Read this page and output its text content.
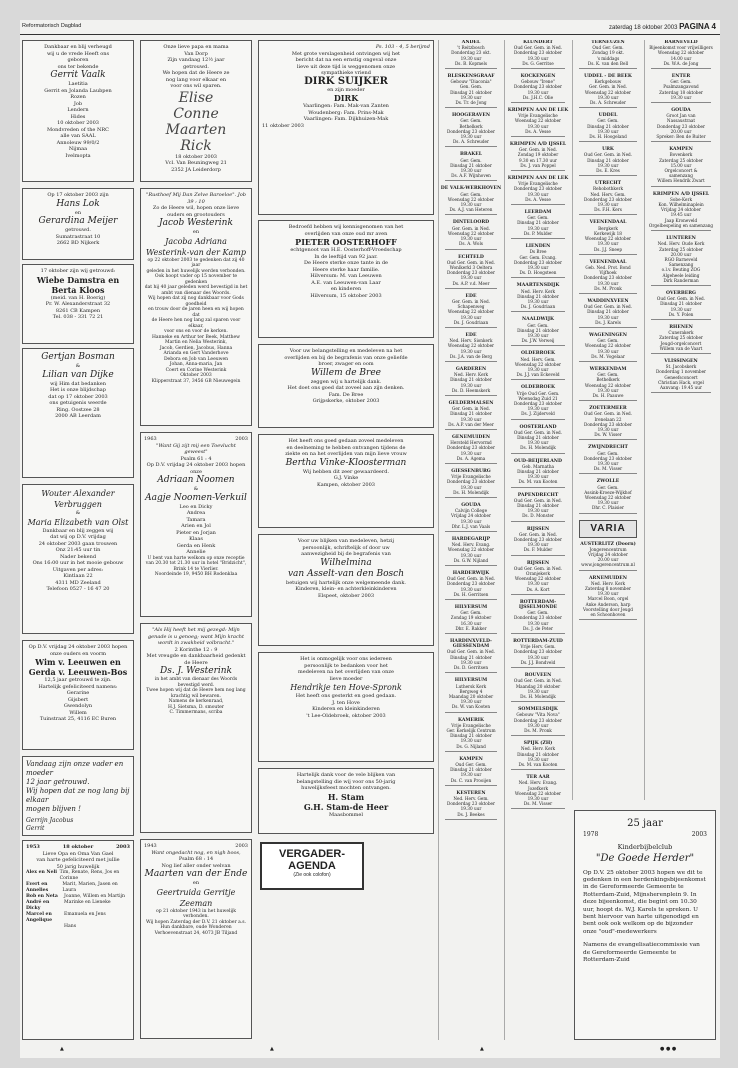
Reformatorisch Dagblad	zaterdag 18 oktober 2003 PAGINA 4
Dankbaar en blij verheugd
wij u de vrede Heeft ons
geboren
ons ter bekende
Gerrit Vaalk
Laetitia
Gerrit en Jolanda Laubpen
Rozen
Job
Lendern
Hides
10 oktober 2003
Mondvreden of the NRC
alle van SAAL
Annoleuw 99/0/2
Nijmaa
Ivelmopta
Op 17 oktober 2003 zijn
Hans Lok
en
Gerardina Meijer
getrouwd.
Sumatrastraat 10
2662 BD Nijkerk
17 oktober zijn wij getrouwd:
Wiebe Damstra en
Berta Kloos
(meid. van H. Boerig)
Pr. W. Alexanderstraat 32
8261 CB Kampen
Tel. 038 - 331 72 21
Gertjan Bosman
&
Lilian van Dijke
wij Him dat bedanken
Het is onze blijdschap
dat op 17 oktober 2003
ons getuigenis weerde
Ring. Oostzee 28
2000 AB Leerdam
Wouter Alexander Verbruggen
&
Maria Elizabeth van Olst
Dankbaar en blij zeggen wij
dat wij op D.V. vrijdag
24 oktober 2003 gaan trouwen
Onz 21:45 uur tin
Nader bekend
Ons 16:00 uur in het mooie gebouw
Uitgaven per adres:
Kintlaan 22
4311 MD Zeeland
Telefoon 0527 - 16 47 20
Op D.V. vrijdag 24 oktober 2003 hopen onze ouders en voorm
Wim v. Leeuwen en
Gerda v. Leeuwen-Bos
12,5 jaar getrouwd te zijn.
Hartelijk gefeliciteerd namens:
Gerarine
Gijsbert
Gwendolyn
Willem
Tuinstraat 25, 4116 EC Buren
Vandaag zijn onze vader en moeder
12 jaar getrouwd.
Wij hopen dat ze nog lang bij elkaar
mogen blijven !
Gerrijn Jacobus
Gerrit
1953	18 oktober	2003
Lieve Opa en Oma Van Gael
van harte gefeliciteerd met jullie
50 jarig huwelijk
Alex en Neli Tim, Renate, Rens, Jos en Corinne
Evert en Annelies
Marit, Marien, Jasen en Laura
Bob en Neta	Joanne, Willem en Martijn
André en Dicky
Marinke en Lieneke
Marcel en Angelique
Emanuela en Jens
Hans
Onze lieve papa en mama
Van Dorp
Zijn vandaag 12½ jaar
getrouwd.
We hopen dat de Heere ze
nog lang voor elkaar en
voor ons wil sparen.
Elise
Conne
Maarten
Rick
18 oktober 2003
Vcl. Van Beuningweg 21
2352 JA Leiderdorp
"Rusthoef Mij Dan Zelve Baroeloe". Job 39 : 10
Zo de Heere wil, hopen onze lieve ouders en grootouders
Jacob Westerink
en
Jacoba Adriana Westerink-van der Kamp
op 22 oktober 2003 te gedenken dat zij 40 jaar
geleden in het huwelijk werden verbonden.
Ook hoopt vader op 15 november te gedenken
dat hij 40 jaar geleden werd bevestigd in het
ambt van dienaar des Woords.
Wij hopen dat zij nog dankbaar voor Gods goedheid
en trouw door de jaren heen en wij hopen dat
de Heere hen nog lang zal sparen voor elkaar,
voor ons en voor de kerken.
Hanneke en Arthur ter Beek, Matthew
Martin en Nelia Westerink,
Jacob, Gerdien, Jacobus, Hanna
Arianda en Gert Vanderhove
Debora en Job van Leeuwen
Johan, Anna-maria, Jan
Coert en Corine Westerink
Oktober 2003
Klipperstraat 37, 3456 GB Nieuwegein
1963	2003
"Want Gij zijt mij een Toevlucht geweest"
Psalm 61 : 4
Op D.V. vrijdag 24 oktober 2003 hopen onze
Adriaan Noomen
&
Aagje Noomen-Verkuil
Leo en Dicky
Andrea
Tamara
Arien en Jol
Pieter en Jorjan
Klaas
Gerda en Henk
Annelie
U bent van harte welkom op onze receptie van 20.30 tot 21.30 uur in hotel "Bridzicht", Brink 14 te Vierlier.
Noordeinde 19, 9450 BH Rodenklaa
"Als Hij heeft het mij gezegd: Mijn genade is u genoeg; want Mijn kracht wordt in zwakheid volbracht."
2 Korinthe 12 : 9
Met vreugde en dankbaarheid gedenkt de Heere
Ds. J. Westerink
in het ambt van dienaar des Woords bevestigd werd.
Twee hopen wij dat de Heere hem nog lang
krachtig wil bewaren.
Namens de kerkenraad,
H.J. Sietsma, D. smouter
C. Timmermans, scriba
1943	2003
Want ongedacht nog, en nigh boos,
Psalm 68 : 14
Nog lief aller onder welvan
Maarten van der Ende
en
Geertruida Gerritje Zeeman
op 21 oktober 1943 in het huwelijk verbonden.
Wij hopen Zaterdag der D.V. 21 oktober a.s.
Hun dankbare, oude Wonderen
Verhoevenstraat 24, 4073 JB Tiljand
Ps. 103 - 4, 5 berijmd
Met grote verslagenheid ontvingen wij het
bericht dat na een ernstig ongeval onze
lieve uit deze tijd is weggenomen onze
sympathieke vriend
DIRK SUIJKER
en zijn moeder
DIRK
Vaarlingen: Fam. Mak-van Zanten
Woudenberg: Fam. Prins-Mak
Vaarlingen: Fam. Dijkhuizen-Mak
11 oktober 2003
Bedroefd hebben wij kennisgenomen van het
overlijden van onze oud mr aven
PIETER OOSTERHOFF
echtgenoot van H.E. Oosterhoff-Vroedschap
In de leeftijd van 92 jaar.
De Heere sterke onze tante in de
Heere sterke haar familie.
Hilversum: M. van Leeuwen
A.E. van Leeuwen-van Laar
en kinderen
Hilversum, 15 oktober 2003
Voor uw belangstelling en medeleven na het
overlijden en bij de begrafenis van onze geliefde
broer, zwager en oom
Willem de Bree
zeggen wij u hartelijk dank.
Het doet ons goed dat zoveel aan zijn denken.
Fam. De Bree
Grijpskerke, oktober 2003
Het heeft ons goed gedaan zoveel medeleven
en deelneming te hebben ontvangen tijdens de
ziekte en na het overlijden van mijn lieve vrouw
Bertha Vinke-Kloosterman
Wij hebben dit zeer gewaardeerd.
G.J. Vinke
Kampen, oktober 2003
Voor uw blijken van medeleven, hetzij
persoonlijk, schriftelijk of door uw
aanwezigheid bij de begrafenis van
Wilhelmina
van Asselt-van den Bosch
betuigen wij hartelijk onze welgemeende dank.
Kinderen, klein- en achterkleinkinderen
Elspeet, oktober 2003
Het is onmogelijk voor ons iedereen
persoonlijk te bedanken voor het
medeleven na het overlijden van onze
lieve moeder
Hendrikje ten Hove-Spronk
Het heeft ons gesterkt en goed gedaan.
J. ten Hove
Kinderen en kleinkinderen
't Lee-Oldebroek, oktober 2003
Hartelijk dank voor de vele blijken van
belangstelling die wij voor ons 50-jarig
huwelijksfeest mochten ontvangen.
H. Stam
G.H. Stam-de Heer
Maasbommel
VERGADER-
AGENDA
(Zie ook colofon)
ANDEL
't Reitzbosch
Donderdag 23 okt.
19.30 uur
Ds. B. Kopmels
BLESKENSGRAAF
Gebouw "Diaconia"
Gen. Gem.
Dinsdag 21 oktober
19.30 uur
Ds. Tr. de Jong
HOOGERAVEN
Ger. Gem.
Bethelkerk
Donderdag 23 oktober
19.30 uur
Ds. A. Schreuder
BRAKEL
Ger. Gem.
Dinsdag 21 oktober
19.30 uur
Ds. A.F. Wijnhoven
DE VALK-WERKHOVEN
Ger. Gem.
Woensdag 22 oktober
19.30 uur
Ds. A.J. van Heteren
DINTELOORD
Ger. Gem. in Ned.
Woensdag 22 oktober
19.30 uur
Ds. A. Wols
ECHTELD
Oud Ger. Gem. in Ned.
Wonlkerkl 3 Oeltera
Donderdag 23 oktober
19.30 uur
Ds. A.P. v.d. Meer
EDE
Ger. Gem. in Ned.
Schapenweg
Woensdag 22 oktober
19.30 uur
Ds. J. Goudriaan
EDE
Ned. Herv. Sionkerk
Woensdag 22 oktober
19.30 uur
Ds. J.A. van de Berg
GARDEREN
Ned. Herv. Kerk
Dinsdag 21 oktober
19.30 uur
Ds. D. Heemskerk
GELDERMALSEN
Ger. Gem. in Ned.
Dinsdag 21 oktober
19.30 uur
Ds. A.P. van der Meer
GENEMUIDEN
Hersteld Hervormd
Donderdag 23 oktober
19.30 uur
Ds. A. Agema
GIESSENBURG
Vrije Evangelische
Donderdag 23 oktober
19.30 uur
Ds. H. Molendijk
GOUDA
Calvijn College
Vrijdag 24 oktober
19.30 uur
Dhr. L.J. van Vaals
HARDEGARIJP
Ned. Herv. Evang.
Woensdag 22 oktober
19.30 uur
Ds. G.W. Nijland
HARDERWIJK
Oud Ger. Gem. in Ned.
Donderdag 23 oktober
19.30 uur
Ds. H. Gerritsen
HILVERSUM
Ger. Gem.
Zondag 19 oktober
16.30 uur
Dhr. E. Rakker
HARDINXVELD-GIESSENDAM
Oud Ger. Gem. in Ned.
Dinsdag 21 oktober
19.30 uur
Ds. D. Gerritsen
HILVERSUM
Luthersk Kerk
Bergweg 4
Maandag 20 oktober
19.30 uur
Ds. W. van Kooten
KAMERIK
Vrije Evangelische
Ger. Kerkelijk Centrum
Dinsdag 21 oktober
19.30 uur
Ds. G. Nijland
KAMPEN
Oud Ger. Gem.
Dinsdag 21 oktober
19.30 uur
Ds. C. van Prooijen
KESTEREN
Ned. Herv. Gem.
Donderdag 23 oktober
19.30 uur
Ds. J. Beekes
KLUNDERT
Oud Ger. Gem. in Ned.
Donderdag 23 oktober
19.30 uur
Ds. G. Gerritse
KOCKENGEN
Gebouw "Irene"
Donderdag 23 oktober
19.30 uur
Ds. J.H.C. Olie
KRIMPEN AAN DE LEK
Vrije Evangelische
Woensdag 22 oktober
19.30 uur
Ds. A. Vesse
KRIMPEN A/D IJSSEL
Ger. Gem. in Ned.
Zondag 19 oktober
9.30 en 17.30 uur
Ds. J. van Poppel
KRIMPEN AAN DE LEK
Vrije Evangelische
Donderdag 23 oktober
19.30 uur
Ds. A. Vesse
LEERDAM
Ger. Gem.
Dinsdag 21 oktober
19.30 uur
Ds. P. Mulder
LIENDEN
Ds Bree
Ger. Gem. Evang.
Donderdag 23 oktober
19.30 uur
Ds. D. Hoogsteen
MAARTENSDIJK
Ned. Herv. Kerk
Dinsdag 21 oktober
19.30 uur
Ds. J. Goudriaan
NAALDWIJK
Ger. Gem.
Dinsdag 21 oktober
19.30 uur
Ds. J.W. Verweij
OLDEBROEK
Ned. Herv. Gem.
Woensdag 22 oktober
19.30 uur
Ds. J.J. van Eckeveld
OLDEBROEK
Vrije Oud Ger. Gem.
Woensdag Zuid 21
Donderdag 23 oktober
19.30 uur
Ds. J. Zijderveld
OOSTERLAND
Oud Ger. Gem. in Ned.
Dinsdag 21 oktober
19.30 uur
Ds. H. Molendijk
OUD-BEIJERLAND
Geb. Marnatha
Dinsdag 21 oktober
19.30 uur
Ds. M. van Kooten
PAPENDRECHT
Oud Ger. Gem. in Ned.
Dinsdag 21 oktober
19.30 uur
Ds. D. Monster
RIJSSEN
Ger. Gem. in Ned.
Donderdag 23 oktober
19.30 uur
Ds. F. Mulder
RIJSSEN
Oud Ger. Gem. in Ned.
Oranjekerk
Woensdag 22 oktober
19.30 uur
Ds. A. Kort
ROTTERDAM-IJSSELMONDE
Ger. Gem.
Donderdag 23 oktober
19.30 uur
Ds. J. de Peter
ROTTERDAM-ZUID
Vrije Herv. Gem.
Donderdag 23 oktober
19.30 uur
Ds. J.J. Bondveld
ROUVEEN
Oud Ger. Gem. in Ned.
Maandag 20 oktober
19.30 uur
Ds. H. Molendijk
SOMMELSDIJK
Gebouw "Vita Nova"
Donderdag 23 oktober
19.30 uur
Ds. M. Pronk
SPIJK (ZH)
Ned. Herv. Kerk
Dinsdag 21 oktober
19.30 uur
Ds. M. van Kooten
TER AAR
Ned. Herv. Evang.
Jozefkerk
Woensdag 22 oktober
19.30 uur
Ds. M. Visser
TERNEUZEN
Oud Ger. Gem.
Zondag 19 okt.
's middags
Ds. K. van den Bell
UDDEL - DE BEEK
Kerkgebouw
Ger. Gem. in Ned.
Woensdag 22 oktober
19.30 uur
Ds. A. Schreuder
UDDEL
Ger. Gem.
Dinsdag 21 oktober
19.30 uur
Ds. H. Hoogeland
URK
Oud Ger. Gem. in Ned.
Dinsdag 21 oktober
19.30 uur
Ds. E. Kres
UTRECHT
Rehobothkerk
Ned. Herv. Gem.
Donderdag 23 oktober
19.30 uur
Ds. F.H. Kers
VEENENDAAL
Bergkerk
Kerkewijk 18
Woensdag 22 oktober
19.30 uur
Ds. J.J. Sneep
VEENENDAAL
Geb. Ned. Prot. Bond
Vijfhoek
Donderdag 23 oktober
19.30 uur
Ds. M. Pronk
WADDINXVEEN
Oud Ger. Gem. in Ned.
Dinsdag 21 oktober
19.30 uur
Ds. J. Karels
WAGENINGEN
Ger. Gem.
Woensdag 22 oktober
19.30 uur
Ds. M. Vogelaar
WERKENDAM
Ger. Gem.
Bethelkerk
Woensdag 22 oktober
19.30 uur
Ds. H. Paauwe
ZOETERMEER
Oud Ger. Gem. in Ned.
Irenelaan 22
Donderdag 23 oktober
19.30 uur
Ds. W. Visser
ZWIJNDRECHT
Ger. Gem.
Donderdag 23 oktober
19.30 uur
Ds. M. Visser
ZWOLLE
Ger. Gem.
Assink-Kroeze-Wijkhof
Woensdag 22 oktober
19.30 uur
Dhr. C. Plaisier
VARIA
AUSTERLITZ (Doorn)
Jongerencentrum
Vrijdag 24 oktober
20.00 uur
www.jongerencentrum.nl
ARNEMUIDEN
Ned. Herv. Kerk
Zaterdag 8 november
19.30 uur
Marcel Boon, orgel
Anke Anderson, harp
Voorstelling door Jeugd
en Schoonhoven
BARNEVELD
Bijeenkomst voor vrijwilligers
Woensdag 22 oktober
14.00 uur
Ds. W.A. de Jong
ENTER
Ger. Gem.
Psalmzangavond
Zaterdag 18 oktober
19.30 uur
GOUDA
Groot Jan van
Nassaustraat
Donderdag 23 oktober
20.00 uur
Spreker: Ben de Ruiter
KAMPEN
Bovenkerk
Zaterdag 25 oktober
15.00 uur
Orgelconcert &
samenzang
Willem Hendrik Zwart
KRIMPEN A/D IJSSEL
Sobe-Kerk
Kon. Wilhelminaplein
Vrijdag 24 oktober
19.45 uur
Jaap Kroneveld
Orgelbespeling en samenzang
LUNTEREN
Ned. Herv. Oude Kerk
Zaterdag 25 oktober
20.00 uur
RGO Barneveld
Samenzang
o.l.v. Beuting ZOG
Algeheele leiding
Dirk Randerman
OVERBERG
Oud Ger. Gem. in Ned.
Dinsdag 21 oktober
19.30 uur
Ds. Y. Polen
RHENEN
Cunerakerk
Zaterdag 25 oktober
Jeugd-orgelconcert
Willem van de Vaart
VLISSINGEN
St. Jacobskerk
Donderdag 1 november
Geneefsconcert
Christian Hack, orgel
Aanvang: 19.45 uur
25 jaar
1978	2003
Kinderbijbelclub
"De Goede Herder"
Op D.V. 25 oktober 2003 hopen we dit te gedenken in een herdenkingsbijeenkomst in de Gereformeerde Gemeente te Rotterdam-Zuid, Mijnsherenplein 9. In deze bijeenkomst, die begint om 10.30 uur, hoopt ds. W.J. Karels te spreken. U bent hiervoor van harte uitgenodigd en bent ook ook welkom op de bijzonder onze "oud"-medewerkers
Namens de evangelisatiecommissie van de Gereformeerde Gemeente te Rotterdam-Zuid
▲	▲	▲	● ● ●
